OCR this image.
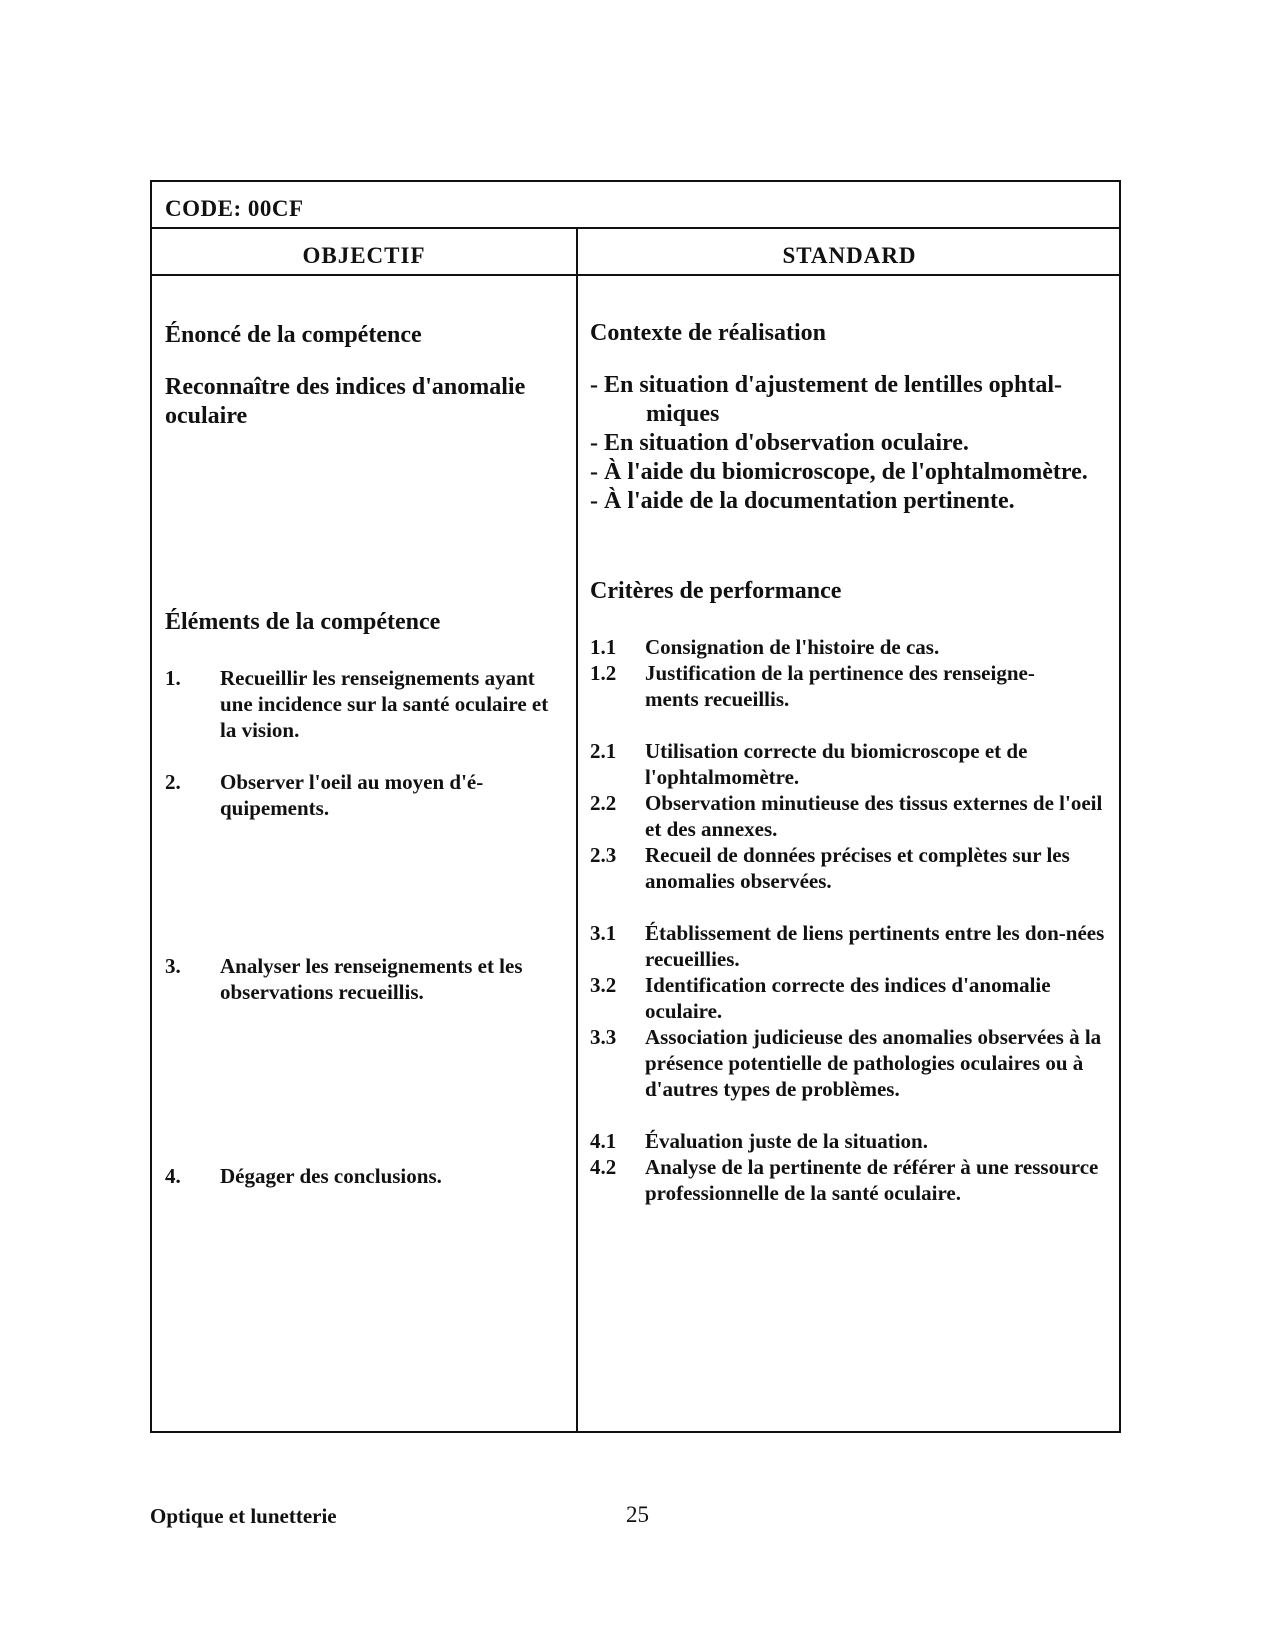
CODE: 00CF
OBJECTIF	STANDARD
Énoncé de la compétence
Reconnaître des indices d'anomalie oculaire
Éléments de la compétence
1. Recueillir les renseignements ayant une incidence sur la santé oculaire et la vision.
2. Observer l'oeil au moyen d'é-quipements.
3. Analyser les renseignements et les observations recueillis.
4. Dégager des conclusions.
Contexte de réalisation
- En situation d'ajustement de lentilles ophtal-miques
- En situation d'observation oculaire.
- À l'aide du biomicroscope, de l'ophtalmomètre.
- À l'aide de la documentation pertinente.
Critères de performance
1.1 Consignation de l'histoire de cas.
1.2 Justification de la pertinence des renseigne-ments recueillis.
2.1 Utilisation correcte du biomicroscope et de l'ophtalmomètre.
2.2 Observation minutieuse des tissus externes de l'oeil et des annexes.
2.3 Recueil de données précises et complètes sur les anomalies observées.
3.1 Établissement de liens pertinents entre les don-nées recueillies.
3.2 Identification correcte des indices d'anomalie oculaire.
3.3 Association judicieuse des anomalies observées à la présence potentielle de pathologies oculaires ou à d'autres types de problèmes.
4.1 Évaluation juste de la situation.
4.2 Analyse de la pertinente de référer à une ressource professionnelle de la santé oculaire.
Optique et lunetterie	25
